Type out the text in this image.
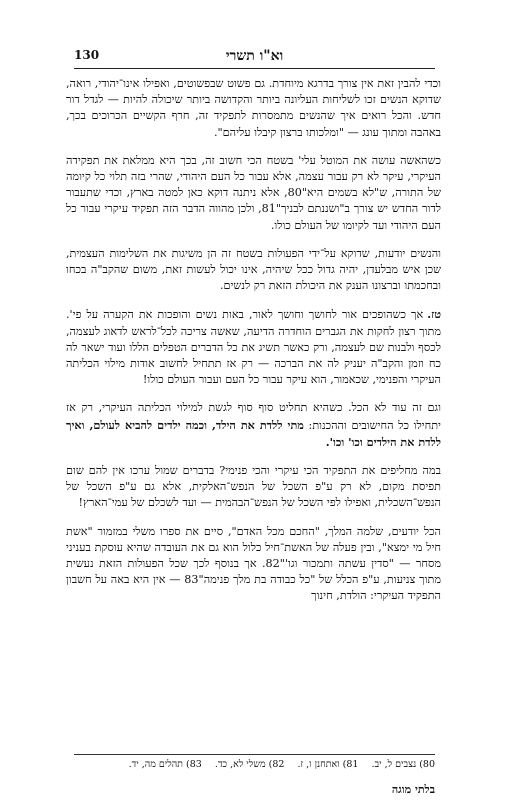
130	וא"ו תשרי

וכדי להבין זאת אין צורך בדרגא מיוחדת. גם פשוט שבפשוטים, ואפילו אינו־יהודי, רואה, שדוקא הנשים זכו לשליחות העליונה ביותר והקדושה ביותר שיכולה להיות — לגדל דור חדש. והכל רואים איך שהנשים מתמסרות לתפקיד זה, חרף הקשיים הכרוכים בכך, באהבה ומתוך עונג — "ומלכותו ברצון קיבלו עליהם".

כשהאשה עושה את המוטל עלי' בשטח הכי חשוב זה, בכך היא ממלאת את תפקידה העיקרי, עיקר לא רק עבור עצמה, אלא עבור כל העם היהודי, שהרי בזה תלוי כל קיומה של התורה, ש"לא בשמים היא"80, אלא ניתנה דוקא כאן למטה בארץ, וכדי שתעבור לדור החדש יש צורך ב"ושננתם לבניך"81, ולכן מהווה הדבר הזה תפקיד עיקרי עבור כל העם היהודי ועד לקיומו של העולם כולו.

והנשים יודעות, שדוקא על־ידי הפעולות בשטח זה הן משיגות את השלימות העצמית, שכן איש מבלעדן, יהיה גדול ככל שיהיה, אינו יכול לעשות זאת, משום שהקב"ה בכחו ובחכמתו וברצונו הענק את היכולת הזאת רק לנשים.

טז.אך כשהופכים אור לחושך וחושך לאור, באות נשים והופכות את הקערה על פי'. מתוך רצון לחקות את הגברים הוחדרה הדיעה, שאשה צריכה לכל־לראש לדאוג לעצמה, לכסף ולבנות שם לעצמה, ורק כאשר תשיג את כל הדברים הטפלים הללו ועוד ישאר לה כח וזמן והקב"ה יעניק לה את הברכה — רק אז תתחיל לחשוב אודות מילוי הכליתה העיקרי והפנימי, שכאמור, הוא עיקר עבור כל העם ועבור העולם כולו!

וגם זה עוד לא הכל. כשהיא תחליט סוף סוף לגשת למילוי הכליתה העיקרי, רק אז יתחילו כל החישובים וההכנות: מתי ללדת את הילד, וכמה ילדים להביא לעולם, ואיך ללדת את הילדים וכו' וכו'.

במה מחליפים את התפקיד הכי עיקרי והכי פנימי? בדברים שמול ערכו אין להם שום תפיסת מקום, לא רק ע"פ השכל של הנפש־האלקית, אלא גם ע"פ השכל של הנפש־השכלית, ואפילו לפי השכל של הנפש־הבהמית — ועד לשכלם של עמי־הארץ!

הכל יודעים, שלמה המלך, "החכם מכל האדם", סיים את ספרו משלי במזמור "אשת חיל מי ימצא", ובין פעלה של האשת־חיל כלול הוא גם את העובדה שהיא עוסקת בעניני מסחר — "סדין עשתה ותמכור וגו'"82. אך בנוסף לכך שכל הפעולות הזאת נעשית מתוך צניעות, ע"פ הכלל של "כל כבודה בת מלך פנימה"83 — אין היא באה על חשבון התפקיד העיקרי: הולדת, חינוך

80) נצבים ל, יב. 81) ואתחנן ו, ז. 82) משלי לא, כד. 83) תהלים מה, יד.
בלתי מוגה
